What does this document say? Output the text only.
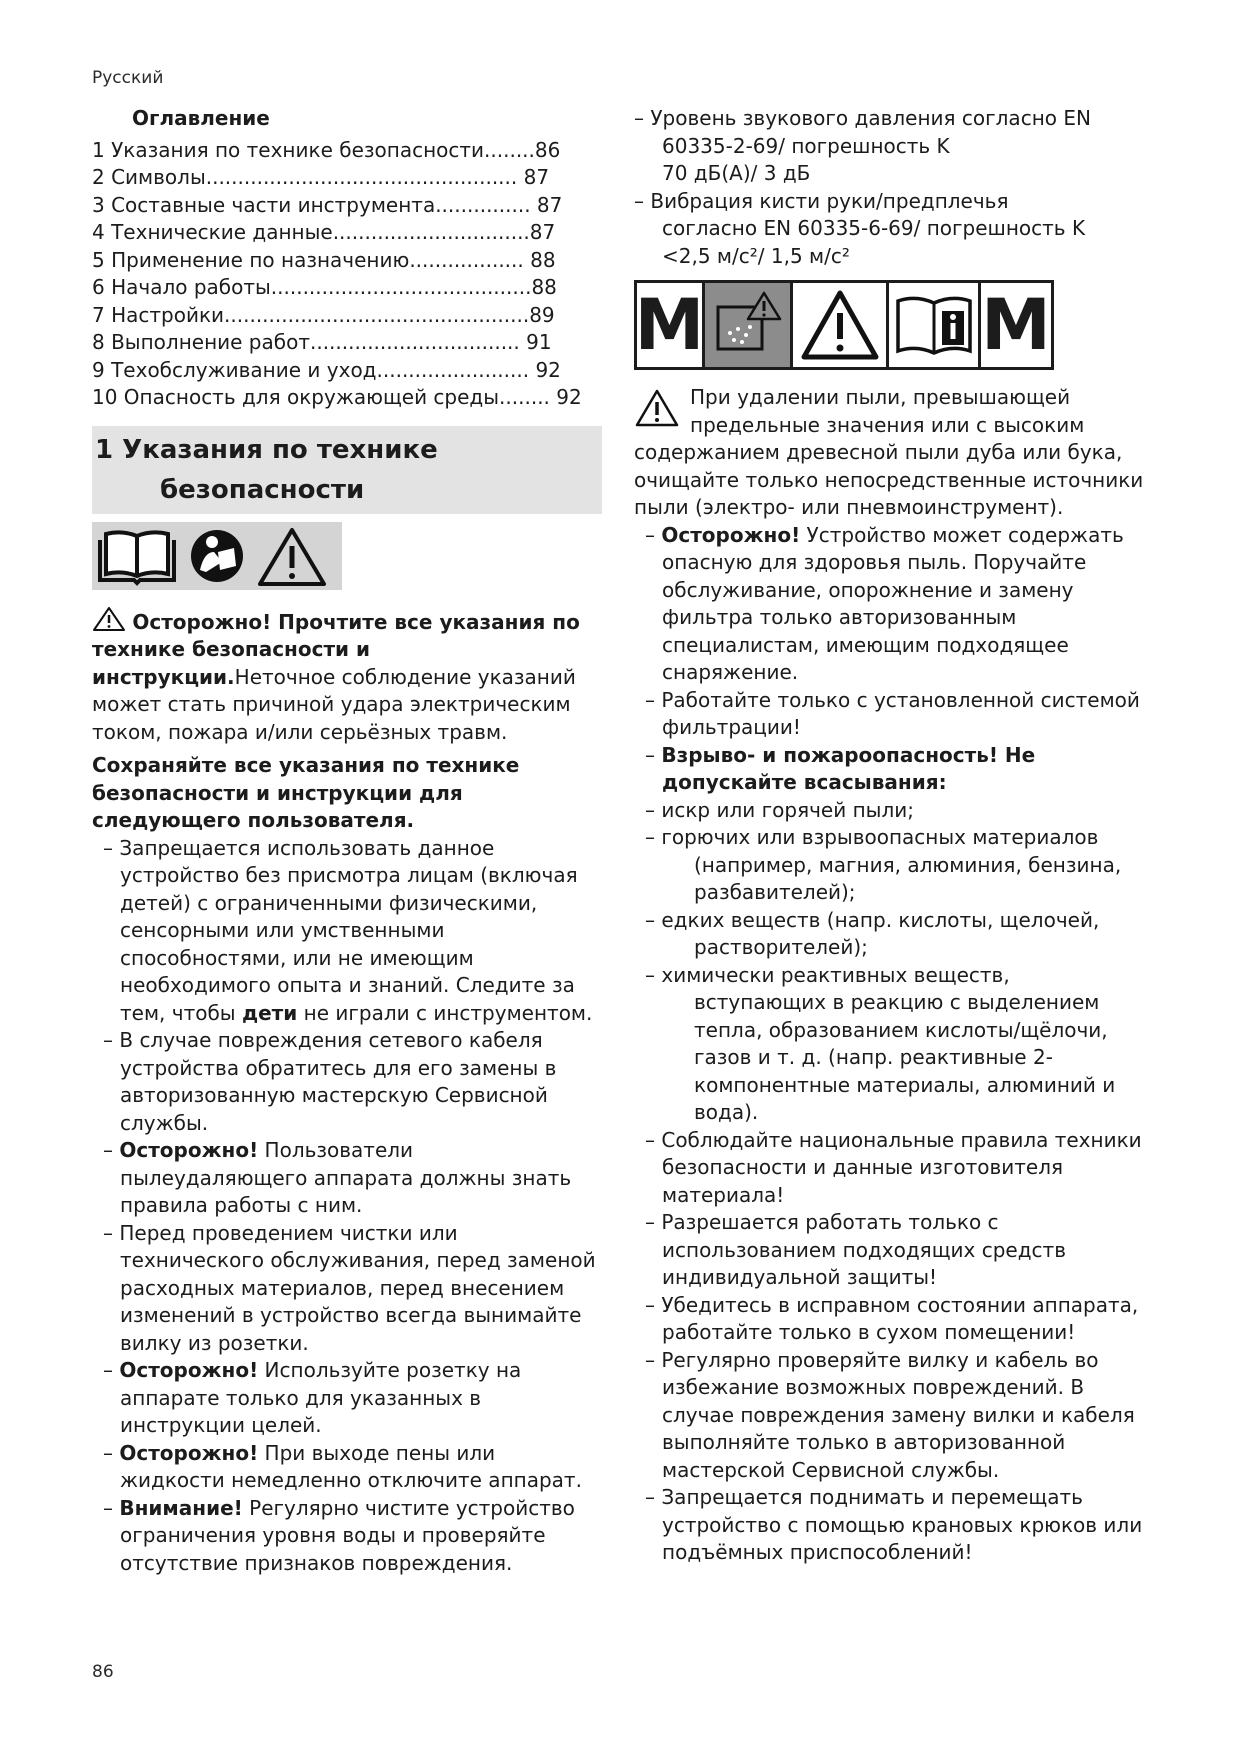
Русский
Оглавление
1 Указания по технике безопасности........86
2 Символы................................................. 87
3 Составные части инструмента............... 87
4 Технические данные...............................87
5 Применение по назначению.................. 88
6 Начало работы.........................................88
7 Настройки................................................89
8 Выполнение работ................................. 91
9 Техобслуживание и уход........................ 92
10 Опасность для окружающей среды........ 92
1 Указания по технике
безопасности

Осторожно! Прочтите все указания по технике безопасности и инструкции.Неточное соблюдение указаний может стать причиной удара электрическим током, пожара и/или серьёзных травм.

Сохраняйте все указания по технике безопасности и инструкции для следующего пользователя.

– Запрещается использовать данное устройство без присмотра лицам (включая детей) с ограниченными физическими, сенсорными или умственными способностями, или не имеющим необходимого опыта и знаний. Следите за тем, чтобы дети не играли с инструментом.

– В случае повреждения сетевого кабеля устройства обратитесь для его замены в авторизованную мастерскую Сервисной службы.

– Осторожно! Пользователи пылеудаляющего аппарата должны знать правила работы с ним.

– Перед проведением чистки или технического обслуживания, перед заменой расходных материалов, перед внесением изменений в устройство всегда вынимайте вилку из розетки.

– Осторожно! Используйте розетку на аппарате только для указанных в инструкции целей.

– Осторожно! При выходе пены или жидкости немедленно отключите аппарат.

– Внимание! Регулярно чистите устройство ограничения уровня воды и проверяйте отсутствие признаков повреждения.

– Уровень звукового давления согласно EN
60335-2-69/ погрешность K
70 дБ(A)/ 3 дБ
– Вибрация кисти руки/предплечья
согласно EN 60335-6-69/ погрешность K
<2,5 м/c²/ 1,5 м/c²
M	M

При удалении пыли, превышающей предельные значения или с высоким содержанием древесной пыли дуба или бука, очищайте только непосредственные источники пыли (электро- или пневмоинструмент).

– Осторожно! Устройство может содержать опасную для здоровья пыль. Поручайте обслуживание, опорожнение и замену фильтра только авторизованным специалистам, имеющим подходящее снаряжение.

– Работайте только с установленной системой фильтрации!

– Взрыво- и пожароопасность! Не допускайте всасывания:

– искр или горячей пыли;

– горючих или взрывоопасных материалов (например, магния, алюминия, бензина, разбавителей);

– едких веществ (напр. кислоты, щелочей, растворителей);

– химически реактивных веществ, вступающих в реакцию с выделением тепла, образованием кислоты/щёлочи, газов и т. д. (напр. реактивные 2-компонентные материалы, алюминий и вода).

– Соблюдайте национальные правила техники безопасности и данные изготовителя материала!

– Разрешается работать только с использованием подходящих средств индивидуальной защиты!

– Убедитесь в исправном состоянии аппарата, работайте только в сухом помещении!

– Регулярно проверяйте вилку и кабель во избежание возможных повреждений. В случае повреждения замену вилки и кабеля выполняйте только в авторизованной мастерской Сервисной службы.

– Запрещается поднимать и перемещать устройство с помощью крановых крюков или подъёмных приспособлений!

86
